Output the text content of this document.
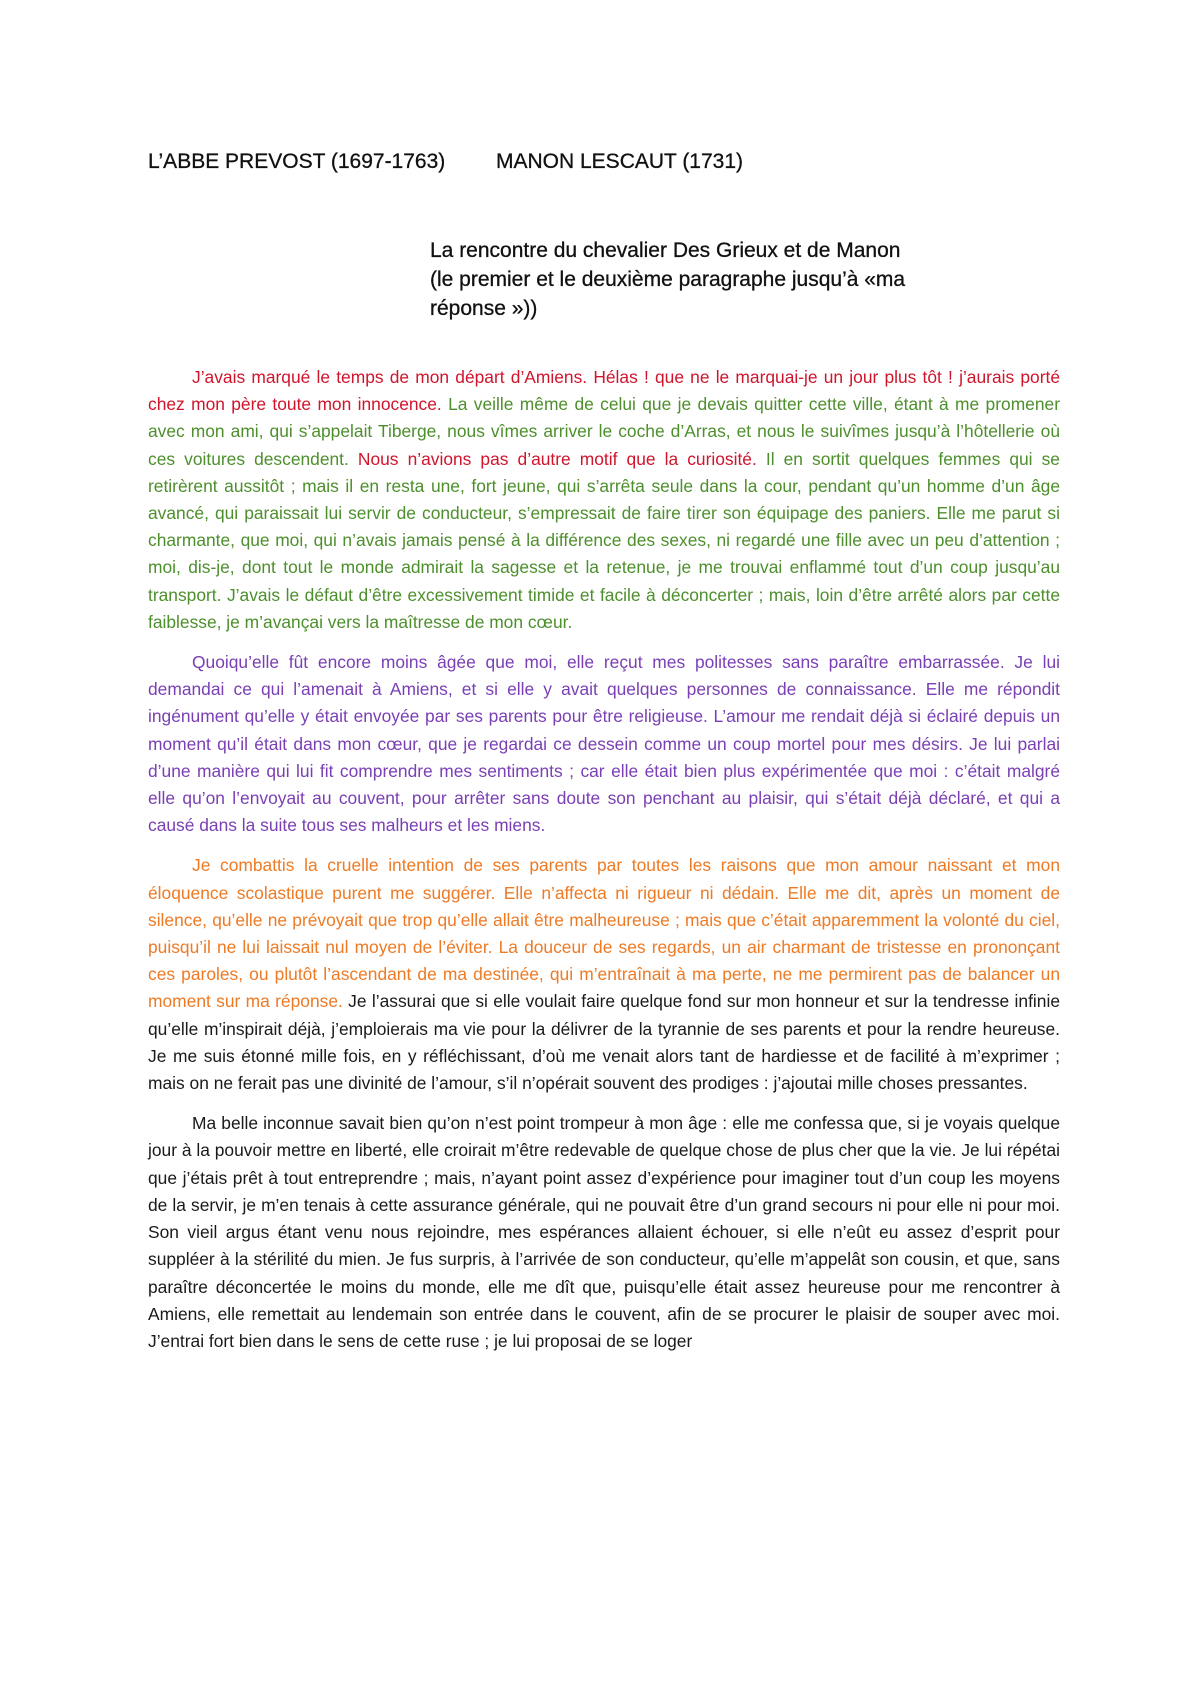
L’ABBE PREVOST (1697-1763) MANON LESCAUT (1731)
La rencontre du chevalier Des Grieux et de Manon
(le premier et le deuxième paragraphe jusqu’à «ma
réponse »))

J’avais marqué le temps de mon départ d’Amiens. Hélas ! que ne le marquai-je un jour plus tôt ! j’aurais porté chez mon père toute mon innocence. La veille même de celui que je devais quitter cette ville, étant à me promener avec mon ami, qui s’appelait Tiberge, nous vîmes arriver le coche d’Arras, et nous le suivîmes jusqu’à l’hôtellerie où ces voitures descendent. Nous n’avions pas d’autre motif que la curiosité. Il en sortit quelques femmes qui se retirèrent aussitôt ; mais il en resta une, fort jeune, qui s’arrêta seule dans la cour, pendant qu’un homme d’un âge avancé, qui paraissait lui servir de conducteur, s’empressait de faire tirer son équipage des paniers. Elle me parut si charmante, que moi, qui n’avais jamais pensé à la différence des sexes, ni regardé une fille avec un peu d’attention ; moi, dis-je, dont tout le monde admirait la sagesse et la retenue, je me trouvai enflammé tout d’un coup jusqu’au transport. J’avais le défaut d’être excessivement timide et facile à déconcerter ; mais, loin d’être arrêté alors par cette faiblesse, je m’avançai vers la maîtresse de mon cœur.

Quoiqu’elle fût encore moins âgée que moi, elle reçut mes politesses sans paraître embarrassée. Je lui demandai ce qui l’amenait à Amiens, et si elle y avait quelques personnes de connaissance. Elle me répondit ingénument qu’elle y était envoyée par ses parents pour être religieuse. L’amour me rendait déjà si éclairé depuis un moment qu’il était dans mon cœur, que je regardai ce dessein comme un coup mortel pour mes désirs. Je lui parlai d’une manière qui lui fit comprendre mes sentiments ; car elle était bien plus expérimentée que moi : c’était malgré elle qu’on l’envoyait au couvent, pour arrêter sans doute son penchant au plaisir, qui s’était déjà déclaré, et qui a causé dans la suite tous ses malheurs et les miens.

Je combattis la cruelle intention de ses parents par toutes les raisons que mon amour naissant et mon éloquence scolastique purent me suggérer. Elle n’affecta ni rigueur ni dédain. Elle me dit, après un moment de silence, qu’elle ne prévoyait que trop qu’elle allait être malheureuse ; mais que c’était apparemment la volonté du ciel, puisqu’il ne lui laissait nul moyen de l’éviter. La douceur de ses regards, un air charmant de tristesse en prononçant ces paroles, ou plutôt l’ascendant de ma destinée, qui m’entraînait à ma perte, ne me permirent pas de balancer un moment sur ma réponse. Je l’assurai que si elle voulait faire quelque fond sur mon honneur et sur la tendresse infinie qu’elle m’inspirait déjà, j’emploierais ma vie pour la délivrer de la tyrannie de ses parents et pour la rendre heureuse. Je me suis étonné mille fois, en y réfléchissant, d’où me venait alors tant de hardiesse et de facilité à m’exprimer ; mais on ne ferait pas une divinité de l’amour, s’il n’opérait souvent des prodiges : j’ajoutai mille choses pressantes.

Ma belle inconnue savait bien qu’on n’est point trompeur à mon âge : elle me confessa que, si je voyais quelque jour à la pouvoir mettre en liberté, elle croirait m’être redevable de quelque chose de plus cher que la vie. Je lui répétai que j’étais prêt à tout entreprendre ; mais, n’ayant point assez d’expérience pour imaginer tout d’un coup les moyens de la servir, je m’en tenais à cette assurance générale, qui ne pouvait être d’un grand secours ni pour elle ni pour moi. Son vieil argus étant venu nous rejoindre, mes espérances allaient échouer, si elle n’eût eu assez d’esprit pour suppléer à la stérilité du mien. Je fus surpris, à l’arrivée de son conducteur, qu’elle m’appelât son cousin, et que, sans paraître déconcertée le moins du monde, elle me dît que, puisqu’elle était assez heureuse pour me rencontrer à Amiens, elle remettait au lendemain son entrée dans le couvent, afin de se procurer le plaisir de souper avec moi. J’entrai fort bien dans le sens de cette ruse ; je lui proposai de se loger
